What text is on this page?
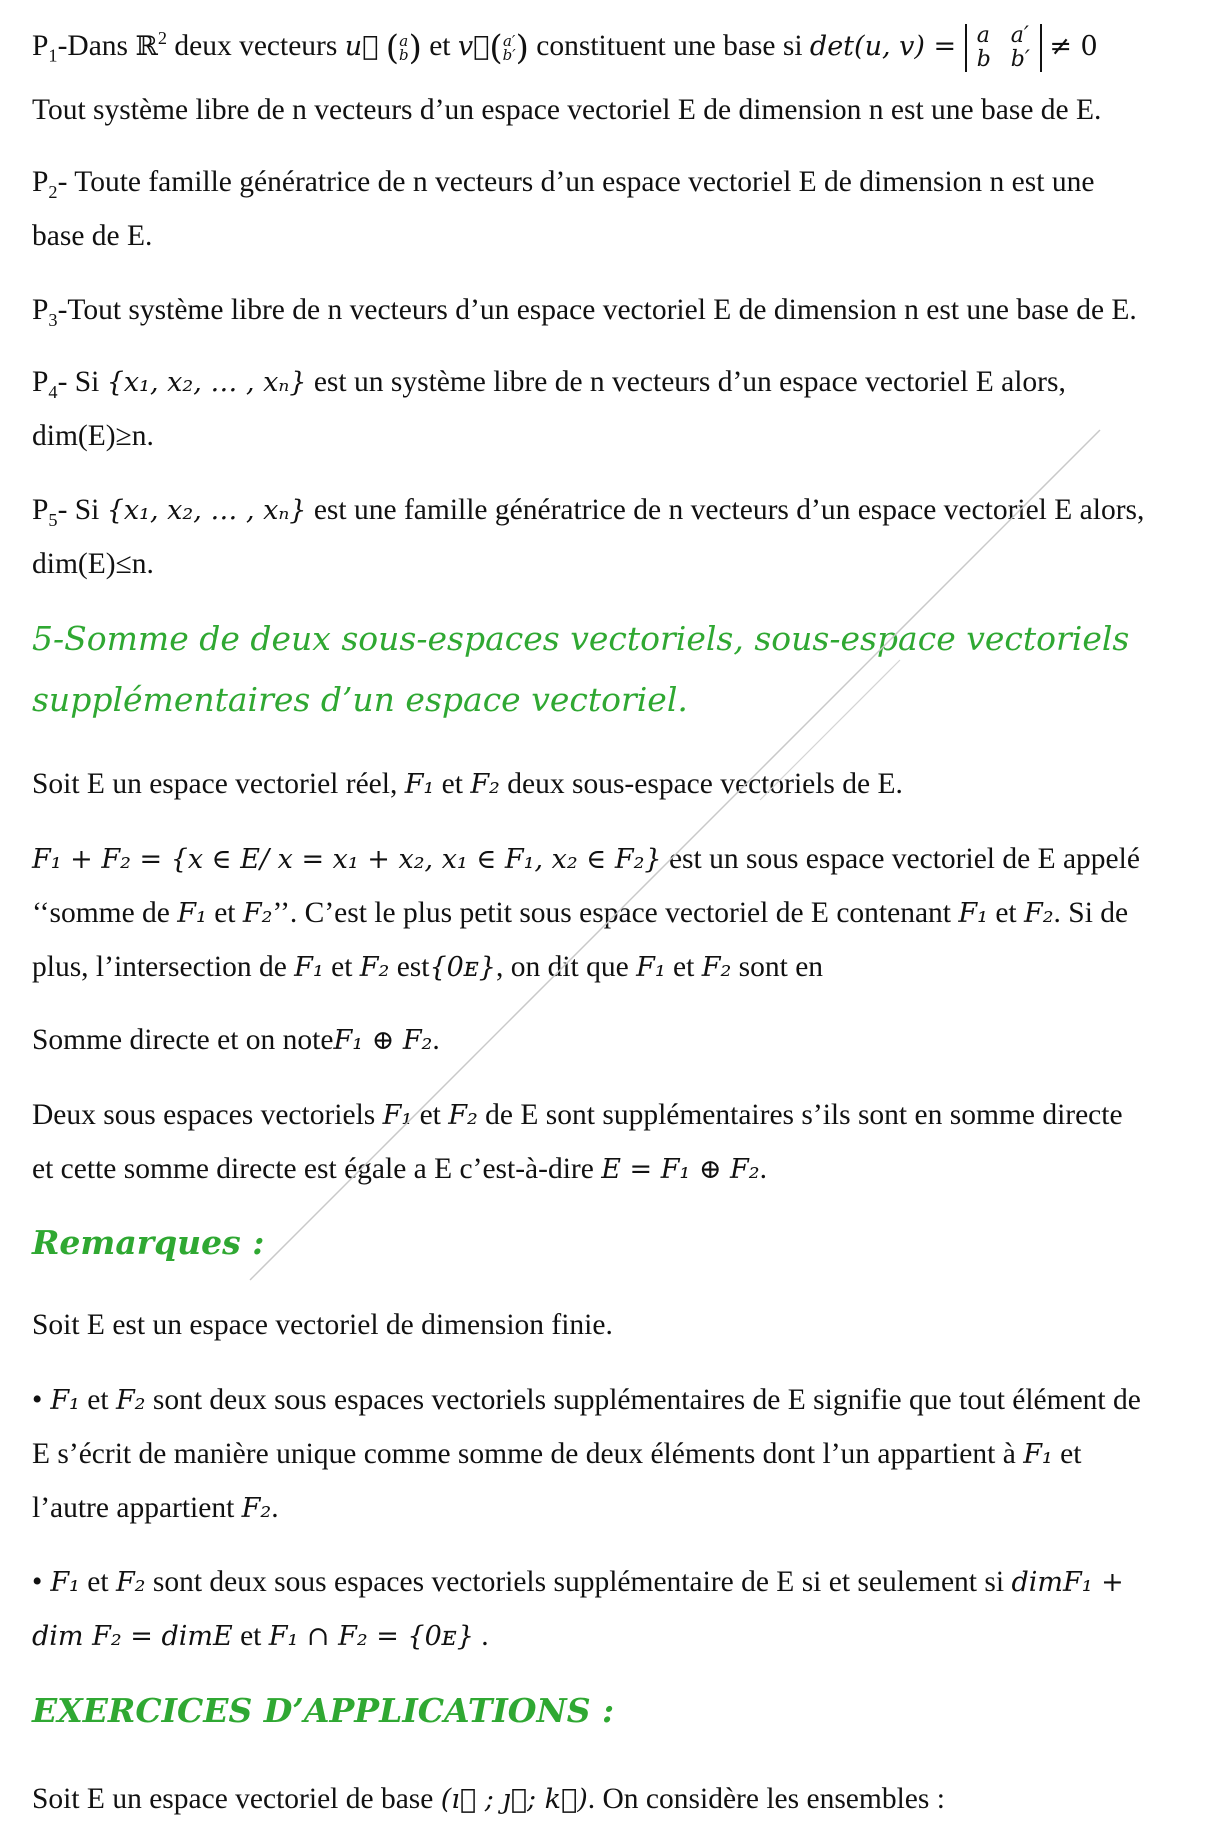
$P_1$-Dans ℝ$^2$ deux vecteurs u⃗ (a
b) et v⃗(a′
b′) constituent une base si det(u, v) = a	a′
b	b′ ≠ 0
Tout système libre de n vecteurs d’un espace vectoriel E de dimension n est une base de E.
$P_2-$ Toute famille génératrice de n vecteurs d’un espace vectoriel E de dimension n est une
base de E.
$P_3$-Tout système libre de n vecteurs d’un espace vectoriel E de dimension n est une base de E.
$P_4-$ Si {x₁, x₂, … , xₙ} est un système libre de n vecteurs d’un espace vectoriel E alors,
dim(E)≥n.
$P_5-$ Si {x₁, x₂, … , xₙ} est une famille génératrice de n vecteurs d’un espace vectoriel E alors,
dim(E)≤n.
5-Somme de deux sous-espaces vectoriels, sous-espace vectoriels
supplémentaires d’un espace vectoriel.
Soit E un espace vectoriel réel, F₁ et F₂ deux sous-espace vectoriels de E.
F₁ + F₂ = {x ∈ E/ x = x₁ + x₂, x₁ ∈ F₁, x₂ ∈ F₂} est un sous espace vectoriel de E appelé
‘‘somme de F₁ et F₂’’. C’est le plus petit sous espace vectoriel de E contenant F₁ et F₂. Si de
plus, l’intersection de F₁ et F₂ est{0ᴇ}, on dit que F₁ et F₂ sont en
Somme directe et on noteF₁ ⊕ F₂.
Deux sous espaces vectoriels F₁ et F₂ de E sont supplémentaires s’ils sont en somme directe
et cette somme directe est égale a E c’est-à-dire E = F₁ ⊕ F₂.
Remarques :
Soit E est un espace vectoriel de dimension finie.
• F₁ et F₂ sont deux sous espaces vectoriels supplémentaires de E signifie que tout élément de
E s’écrit de manière unique comme somme de deux éléments dont l’un appartient à F₁ et
l’autre appartient F₂.
• F₁ et F₂ sont deux sous espaces vectoriels supplémentaire de E si et seulement si dimF₁ +
dim F₂ = dimE et F₁ ∩ F₂ = {0ᴇ} .
EXERCICES D’APPLICATIONS :
Soit E un espace vectoriel de base (ı⃗ ; ȷ⃗; k⃗). On considère les ensembles :
